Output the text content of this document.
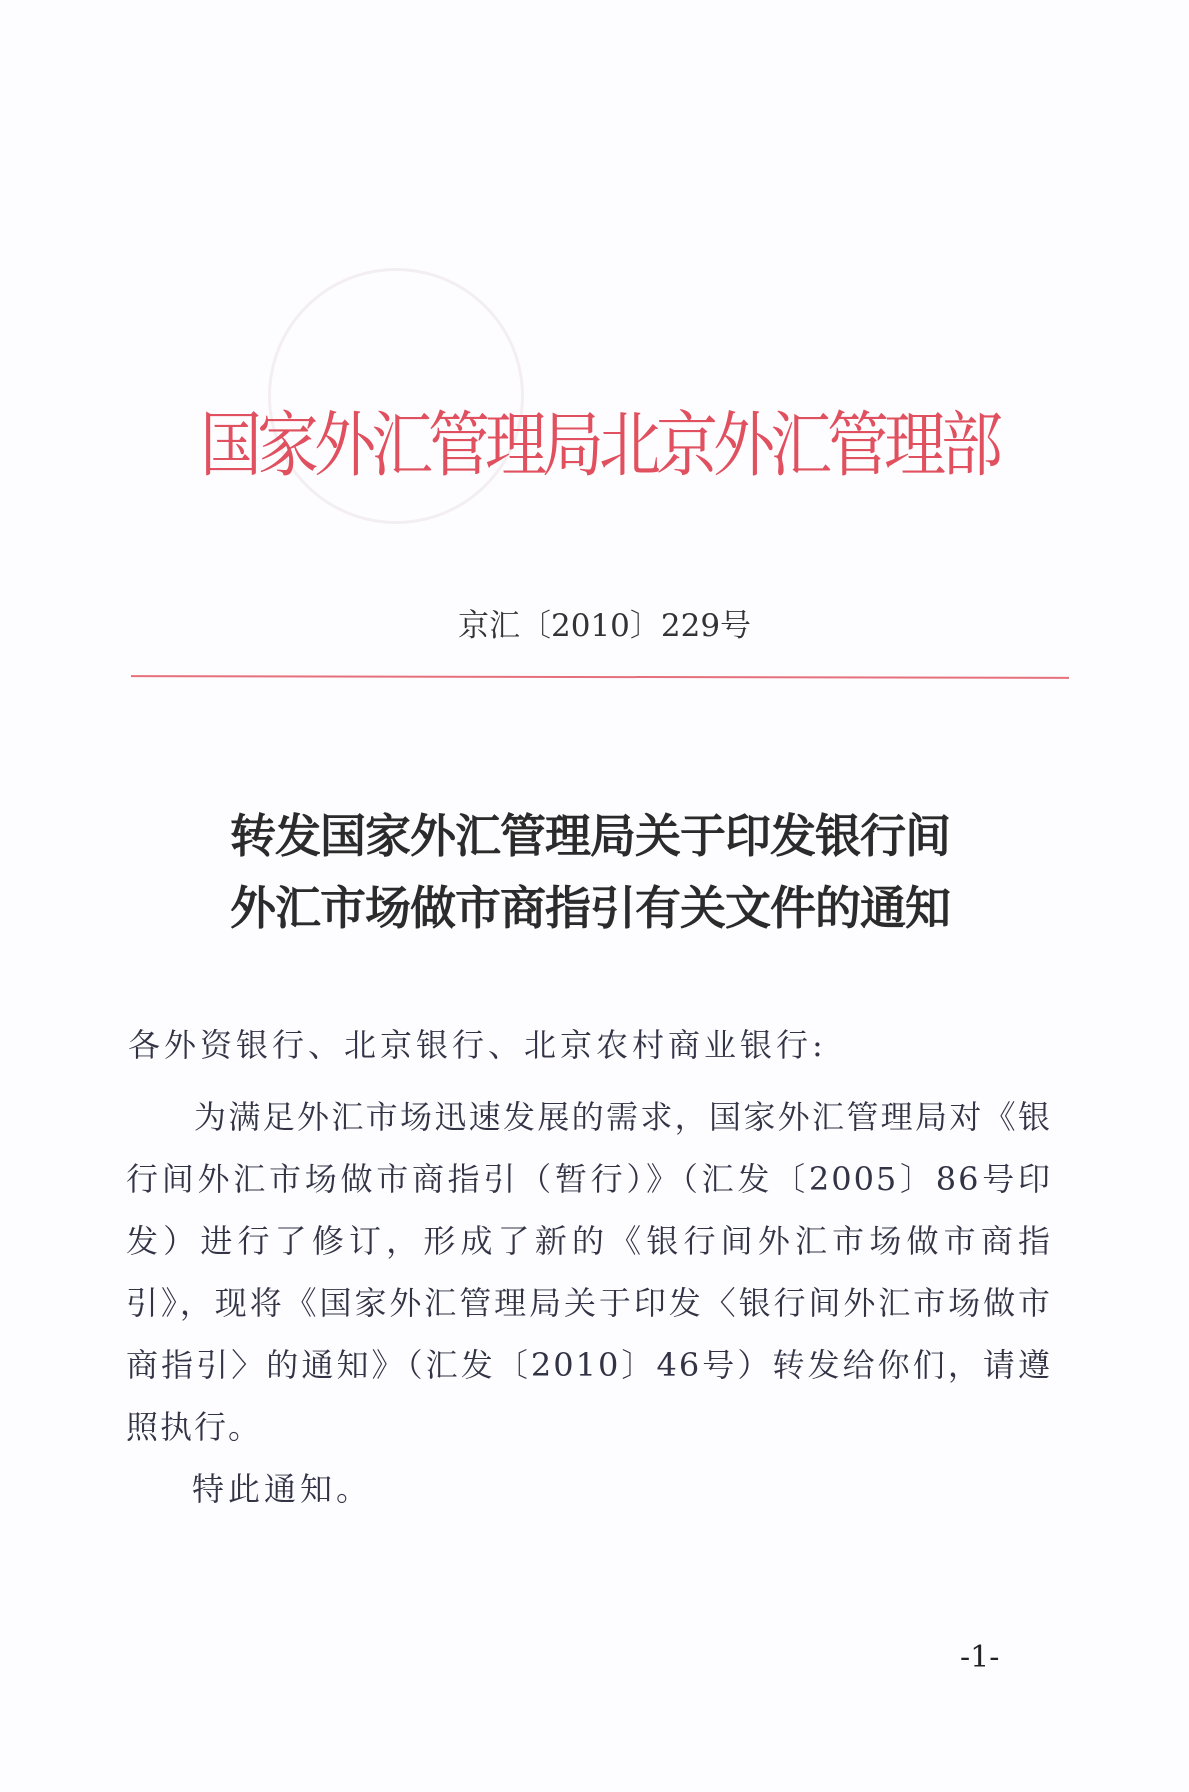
国家外汇管理局北京外汇管理部
京汇〔2010〕229号
转发国家外汇管理局关于印发银行间
外汇市场做市商指引有关文件的通知
各外资银行、北京银行、北京农村商业银行:

为满足外汇市场迅速发展的需求，国家外汇管理局对《银行间外汇市场做市商指引（暂行）》（汇发〔2005〕86号印发）进行了修订，形成了新的《银行间外汇市场做市商指引》，现将《国家外汇管理局关于印发〈银行间外汇市场做市商指引〉的通知》（汇发〔2010〕46号）转发给你们，请遵照执行。

特此通知。

-1-
